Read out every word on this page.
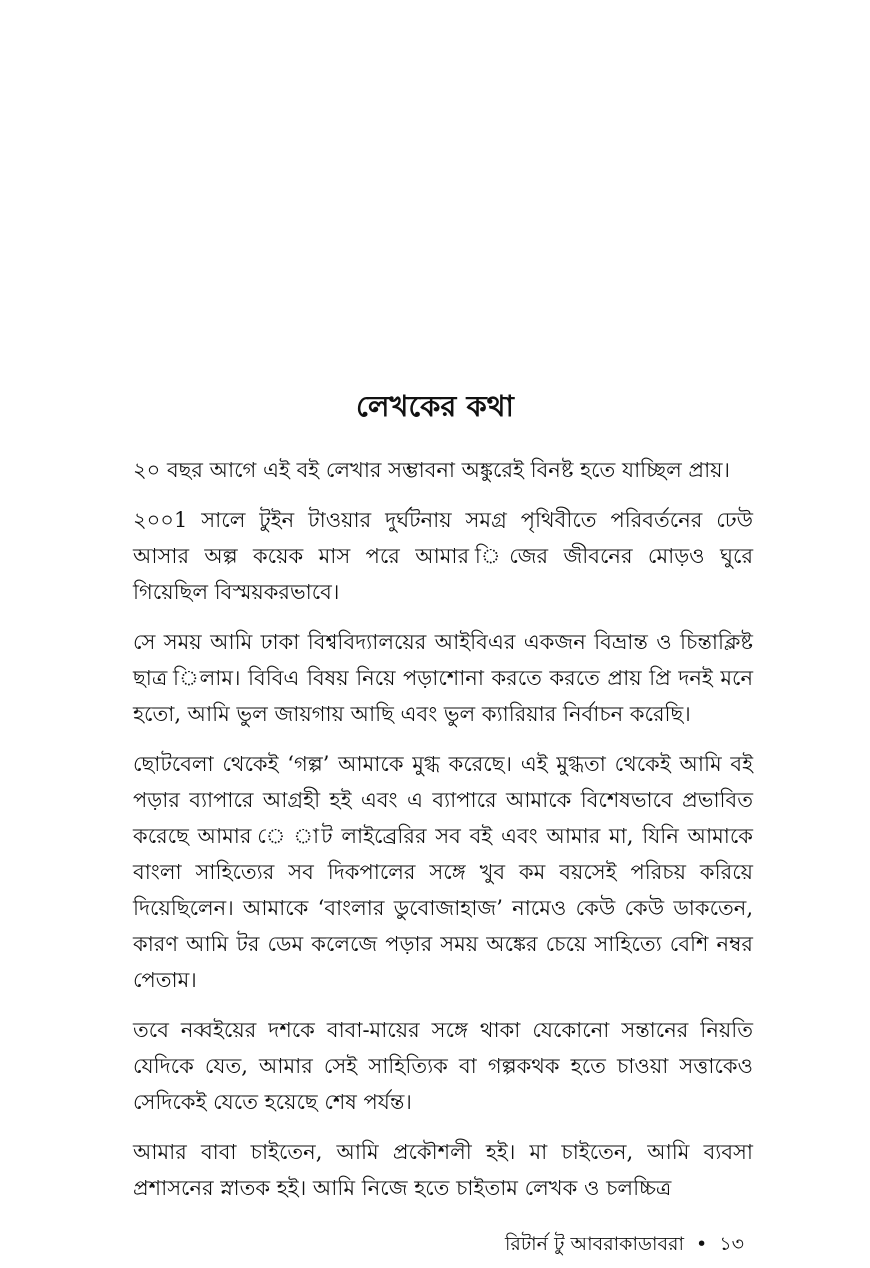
লেখকের কথা

২০ বছর আগে এই বই লেখার সম্ভাবনা অঙ্কুরেই বিনষ্ট হতে যাচ্ছিল প্রায়।

২০০1 সালে টুইন টাওয়ার দুর্ঘটনায় সমগ্র পৃথিবীতে পরিবর্তনের ঢেউ আসার অল্প কয়েক মাস পরে আমার িজের জীবনের মোড়ও ঘুরে গিয়েছিল বিস্ময়করভাবে।

সে সময় আমি ঢাকা বিশ্ববিদ্যালয়ের আইবিএর একজন বিভ্রান্ত ও চিন্তাক্লিষ্ট ছাত্র িলাম। বিবিএ বিষয় নিয়ে পড়াশোনা করতে করতে প্রায় প্রি দনই মনে হতো, আমি ভুল জায়গায় আছি এবং ভুল ক্যারিয়ার নির্বাচন করেছি।

ছোটবেলা থেকেই ‘গল্প’ আমাকে মুগ্ধ করেছে। এই মুগ্ধতা থেকেই আমি বই পড়ার ব্যাপারে আগ্রহী হই এবং এ ব্যাপারে আমাকে বিশেষভাবে প্রভাবিত করেছে আমার ে াট লাইব্রেরির সব বই এবং আমার মা, যিনি আমাকে বাংলা সাহিত্যের সব দিকপালের সঙ্গে খুব কম বয়সেই পরিচয় করিয়ে দিয়েছিলেন। আমাকে ‘বাংলার ডুবোজাহাজ’ নামেও কেউ কেউ ডাকতেন, কারণ আমি টর ডেম কলেজে পড়ার সময় অঙ্কের চেয়ে সাহিত্যে বেশি নম্বর পেতাম।

তবে নব্বইয়ের দশকে বাবা-মায়ের সঙ্গে থাকা যেকোনো সন্তানের নিয়তি যেদিকে যেত, আমার সেই সাহিত্যিক বা গল্পকথক হতে চাওয়া সত্তাকেও সেদিকেই যেতে হয়েছে শেষ পর্যন্ত।

আমার বাবা চাইতেন, আমি প্রকৌশলী হই। মা চাইতেন, আমি ব্যবসা প্রশাসনের স্নাতক হই। আমি নিজে হতে চাইতাম লেখক ও চলচ্চিত্র

রিটার্ন টু আবরাকাডাবরা • ১৩
